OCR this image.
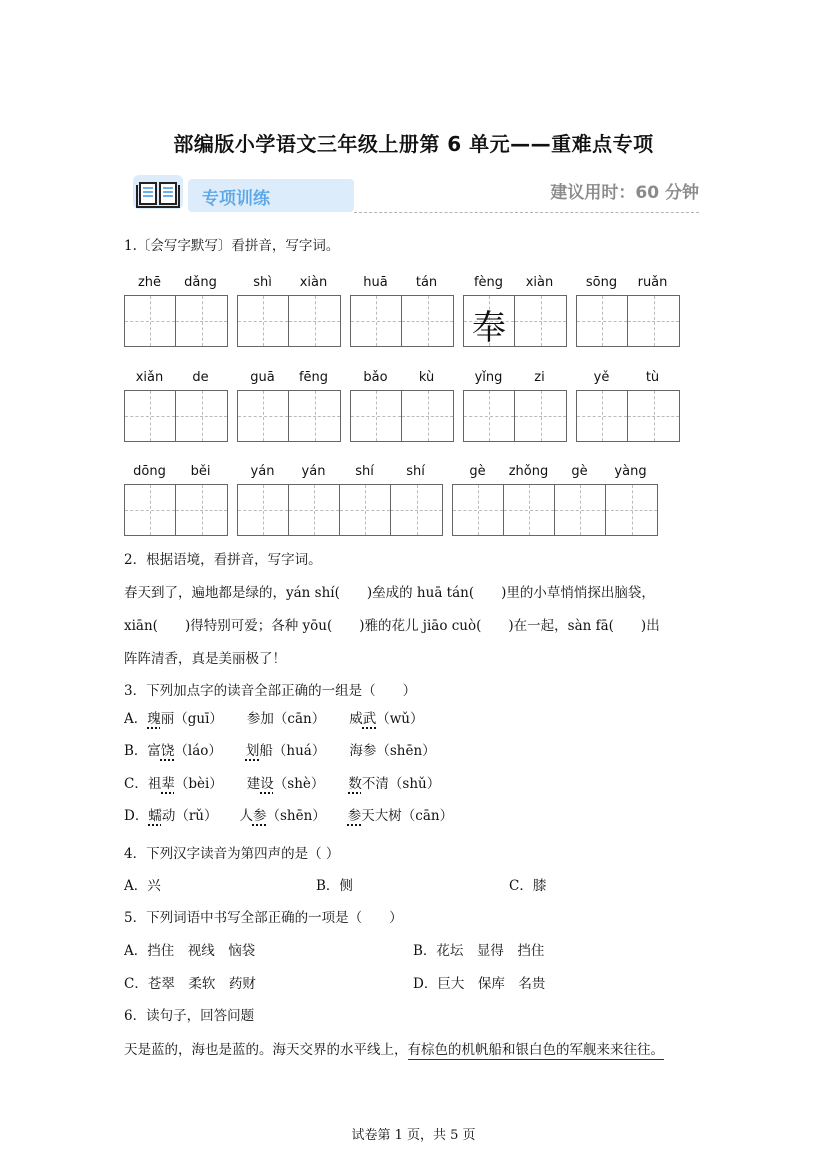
部编版小学语文三年级上册第 6 单元——重难点专项
专项训练	建议用时：60 分钟
1.〔会写字默写〕看拼音，写字词。
zhē	dǎng	shì	xiàn	huā	tán	fèng	xiàn
奉
sōng	ruǎn
xiǎn	de	guā	fēng	bǎo	kù	yǐng	zi	yě	tù
dōng	běi	yán	yán	shí	shí	gè	zhǒng	gè	yàng
2．根据语境，看拼音，写字词。
春天到了，遍地都是绿的，yán shí(　　)垒成的 huā tán(　　)里的小草悄悄探出脑袋，
xiān(　　)得特别可爱；各种 yōu(　　)雅的花儿 jiāo cuò(　　)在一起，sàn fā(　　)出
阵阵清香，真是美丽极了！
3．下列加点字的读音全部正确的一组是（　　）
A．瑰丽（guī） 参加（cān） 威武（wǔ）
B．富饶（láo） 划船（huá） 海参（shēn）
C．祖辈（bèi） 建设（shè） 数不清（shǔ）
D．蠕动（rǔ） 人参（shēn） 参天大树（cān）
4．下列汉字读音为第四声的是（ ）
A．兴	B．侧	C．膝
5．下列词语中书写全部正确的一项是（　　）
A．挡住　视线　恼袋	B．花坛　显得　挡住
C．苍翠　柔软　药财	D．巨大　保库　名贵
6．读句子，回答问题
天是蓝的，海也是蓝的。海天交界的水平线上，有棕色的机帆船和银白色的军舰来来往往。
试卷第 1 页，共 5 页
